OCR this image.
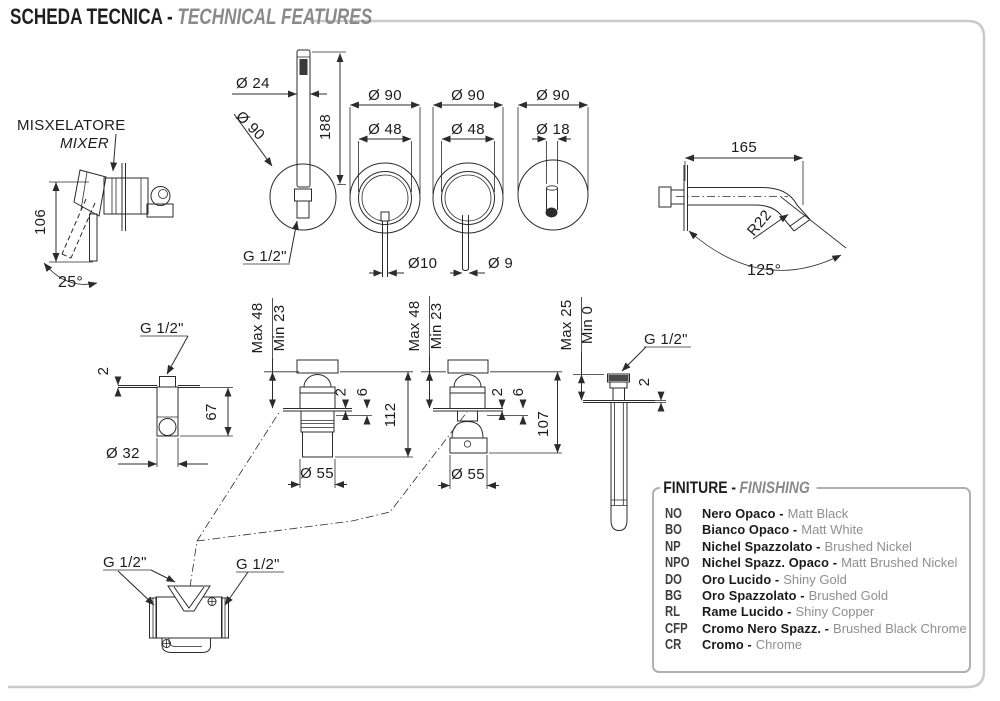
MISXELATORE
MIXER
106
25°
Ø 24
188
Ø 90
G 1/2"
Ø 90
Ø 48
Ø10
Ø 90
Ø 48
Ø 9
Ø 90
Ø 18
165
R22
125°
G 1/2"
2
67
Ø 32
Max 48 Min 23
2 6
112
Ø 55
Max 48 Min 23
2 6
107
Ø 55
Max 25 Min 0	G 1/2"
2
G 1/2"	G 1/2"
SCHEDA TECNICA - TECHNICAL FEATURES
FINITURE - FINISHING
NO Nero Opaco - Matt Black
BO Bianco Opaco - Matt White
NP Nichel Spazzolato - Brushed Nickel
NPO Nichel Spazz. Opaco - Matt Brushed Nickel
DO Oro Lucido - Shiny Gold
BG Oro Spazzolato - Brushed Gold
RL Rame Lucido - Shiny Copper
CFP Cromo Nero Spazz. - Brushed Black Chrome
CR Cromo - Chrome
